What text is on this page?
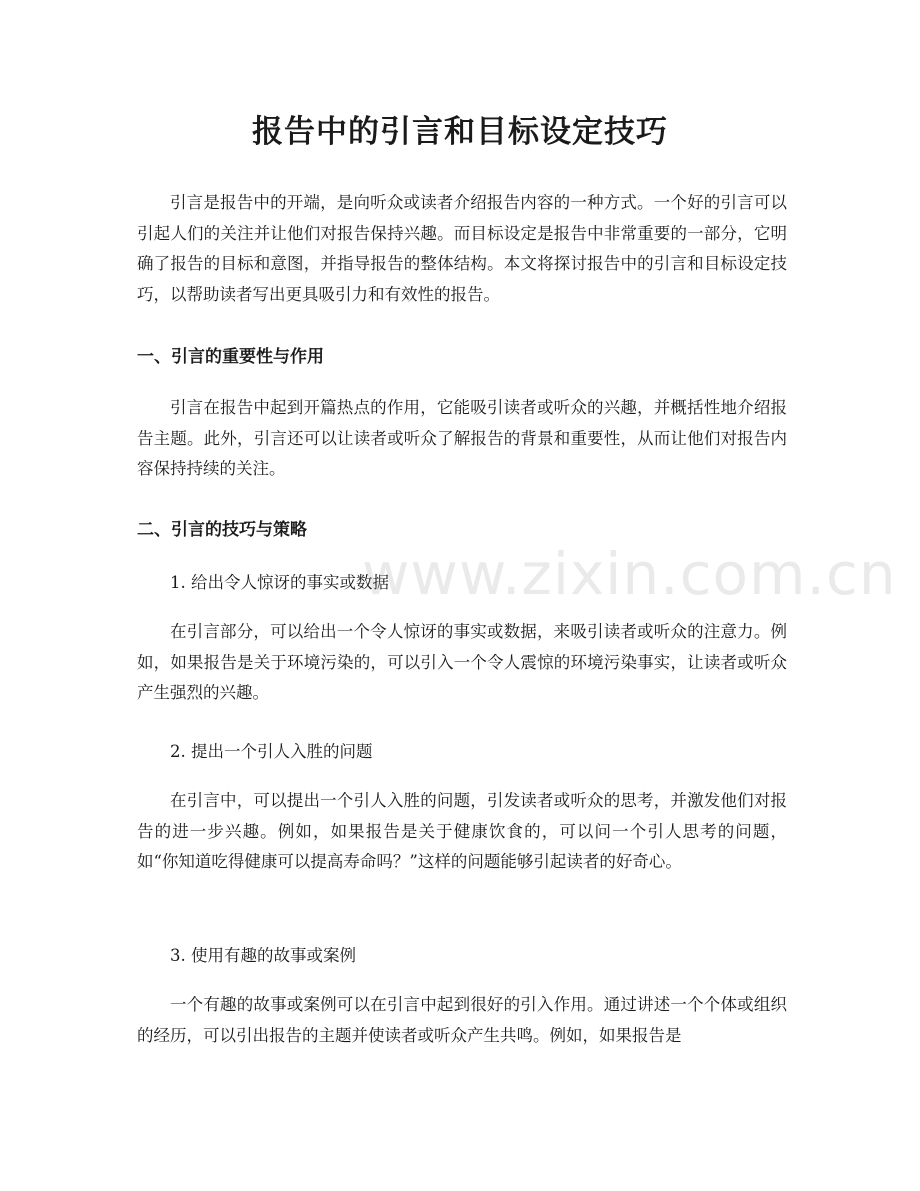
报告中的引言和目标设定技巧

引言是报告中的开端，是向听众或读者介绍报告内容的一种方式。一个好的引言可以引起人们的关注并让他们对报告保持兴趣。而目标设定是报告中非常重要的一部分，它明确了报告的目标和意图，并指导报告的整体结构。本文将探讨报告中的引言和目标设定技巧，以帮助读者写出更具吸引力和有效性的报告。

一、引言的重要性与作用

引言在报告中起到开篇热点的作用，它能吸引读者或听众的兴趣，并概括性地介绍报告主题。此外，引言还可以让读者或听众了解报告的背景和重要性，从而让他们对报告内容保持持续的关注。

二、引言的技巧与策略
1. 给出令人惊讶的事实或数据

在引言部分，可以给出一个令人惊讶的事实或数据，来吸引读者或听众的注意力。例如，如果报告是关于环境污染的，可以引入一个令人震惊的环境污染事实，让读者或听众产生强烈的兴趣。

2. 提出一个引人入胜的问题

在引言中，可以提出一个引人入胜的问题，引发读者或听众的思考，并激发他们对报告的进一步兴趣。例如，如果报告是关于健康饮食的，可以问一个引人思考的问题，如“你知道吃得健康可以提高寿命吗？”这样的问题能够引起读者的好奇心。

3. 使用有趣的故事或案例

一个有趣的故事或案例可以在引言中起到很好的引入作用。通过讲述一个个体或组织的经历，可以引出报告的主题并使读者或听众产生共鸣。例如，如果报告是

www.zixin.com.cn
